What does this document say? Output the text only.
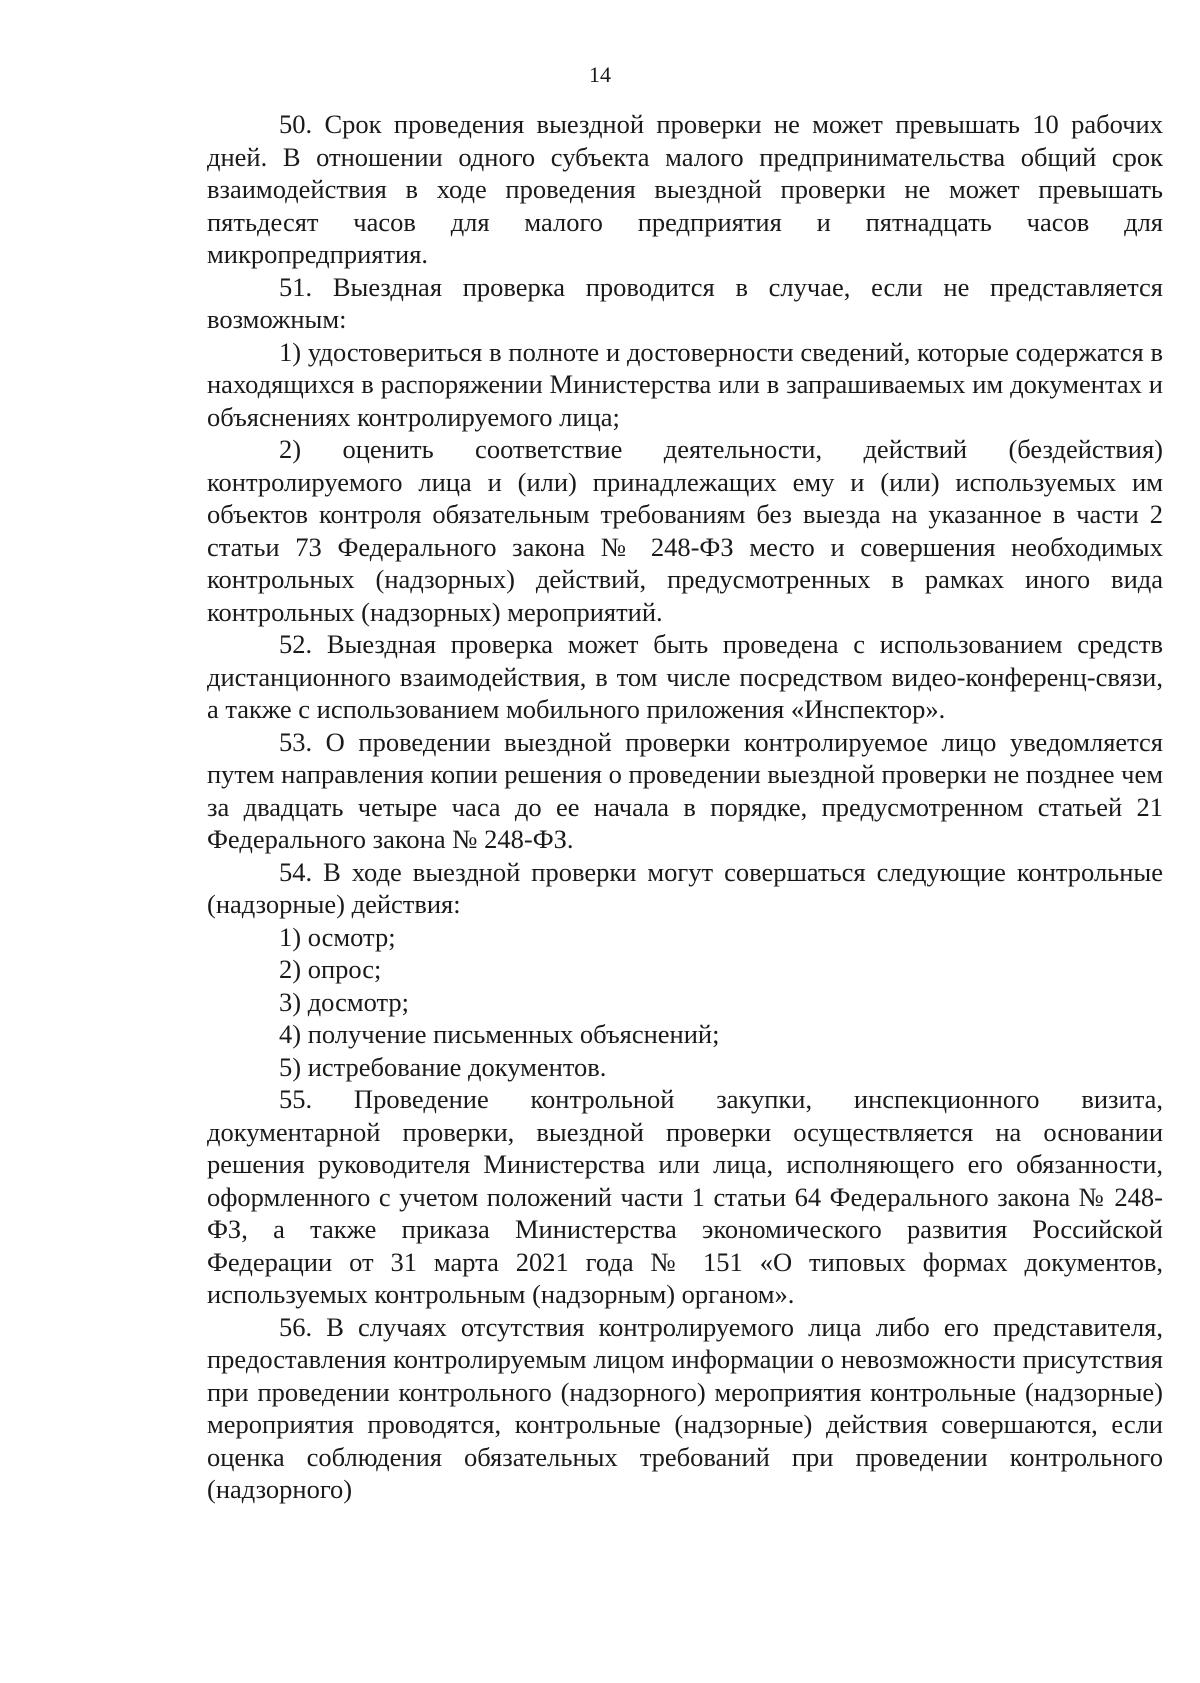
14

50. Срок проведения выездной проверки не может превышать 10 рабочих дней. В отношении одного субъекта малого предпринимательства общий срок взаимодействия в ходе проведения выездной проверки не может превышать пятьдесят часов для малого предприятия и пятнадцать часов для микропредприятия.

51. Выездная проверка проводится в случае, если не представляется возможным:

1) удостовериться в полноте и достоверности сведений, которые содержатся в находящихся в распоряжении Министерства или в запрашиваемых им документах и объяснениях контролируемого лица;

2) оценить соответствие деятельности, действий (бездействия) контролируемого лица и (или) принадлежащих ему и (или) используемых им объектов контроля обязательным требованиям без выезда на указанное в части 2 статьи 73 Федерального закона № 248-ФЗ место и совершения необходимых контрольных (надзорных) действий, предусмотренных в рамках иного вида контрольных (надзорных) мероприятий.

52. Выездная проверка может быть проведена с использованием средств дистанционного взаимодействия, в том числе посредством видео-конференц-связи, а также с использованием мобильного приложения «Инспектор».

53. О проведении выездной проверки контролируемое лицо уведомляется путем направления копии решения о проведении выездной проверки не позднее чем за двадцать четыре часа до ее начала в порядке, предусмотренном статьей 21 Федерального закона № 248-ФЗ.

54. В ходе выездной проверки могут совершаться следующие контрольные (надзорные) действия:

1) осмотр;

2) опрос;

3) досмотр;

4) получение письменных объяснений;

5) истребование документов.

55. Проведение контрольной закупки, инспекционного визита, документарной проверки, выездной проверки осуществляется на основании решения руководителя Министерства или лица, исполняющего его обязанности, оформленного с учетом положений части 1 статьи 64 Федерального закона № 248-ФЗ, а также приказа Министерства экономического развития Российской Федерации от 31 марта 2021 года № 151 «О типовых формах документов, используемых контрольным (надзорным) органом».

56. В случаях отсутствия контролируемого лица либо его представителя, предоставления контролируемым лицом информации о невозможности присутствия при проведении контрольного (надзорного) мероприятия контрольные (надзорные) мероприятия проводятся, контрольные (надзорные) действия совершаются, если оценка соблюдения обязательных требований при проведении контрольного (надзорного)
